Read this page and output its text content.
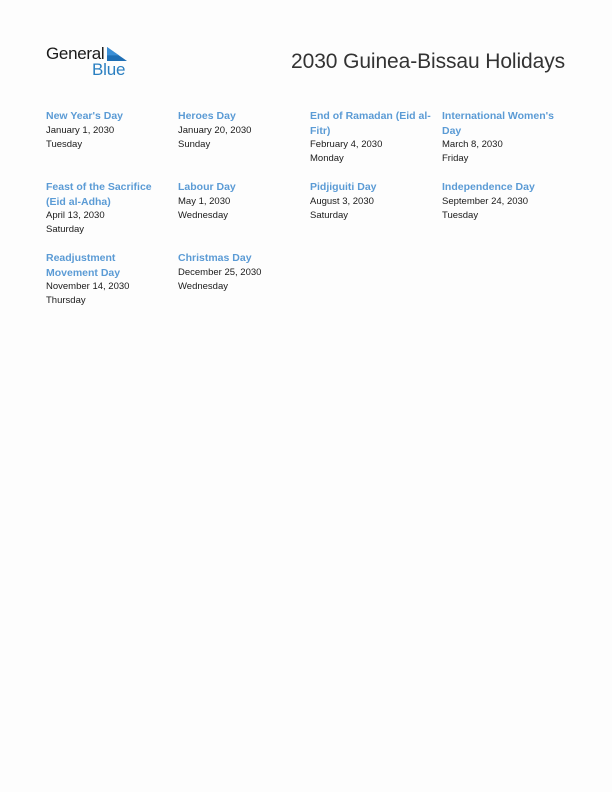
General
Blue	2030 Guinea-Bissau Holidays
New Year's Day
January 1, 2030
Tuesday
Heroes Day
January 20, 2030
Sunday
End of Ramadan (Eid al-Fitr)
February 4, 2030
Monday
International Women's Day
March 8, 2030
Friday
Feast of the Sacrifice (Eid al-Adha)
April 13, 2030
Saturday
Labour Day
May 1, 2030
Wednesday
Pidjiguiti Day
August 3, 2030
Saturday
Independence Day
September 24, 2030
Tuesday
Readjustment Movement Day
November 14, 2030
Thursday
Christmas Day
December 25, 2030
Wednesday
